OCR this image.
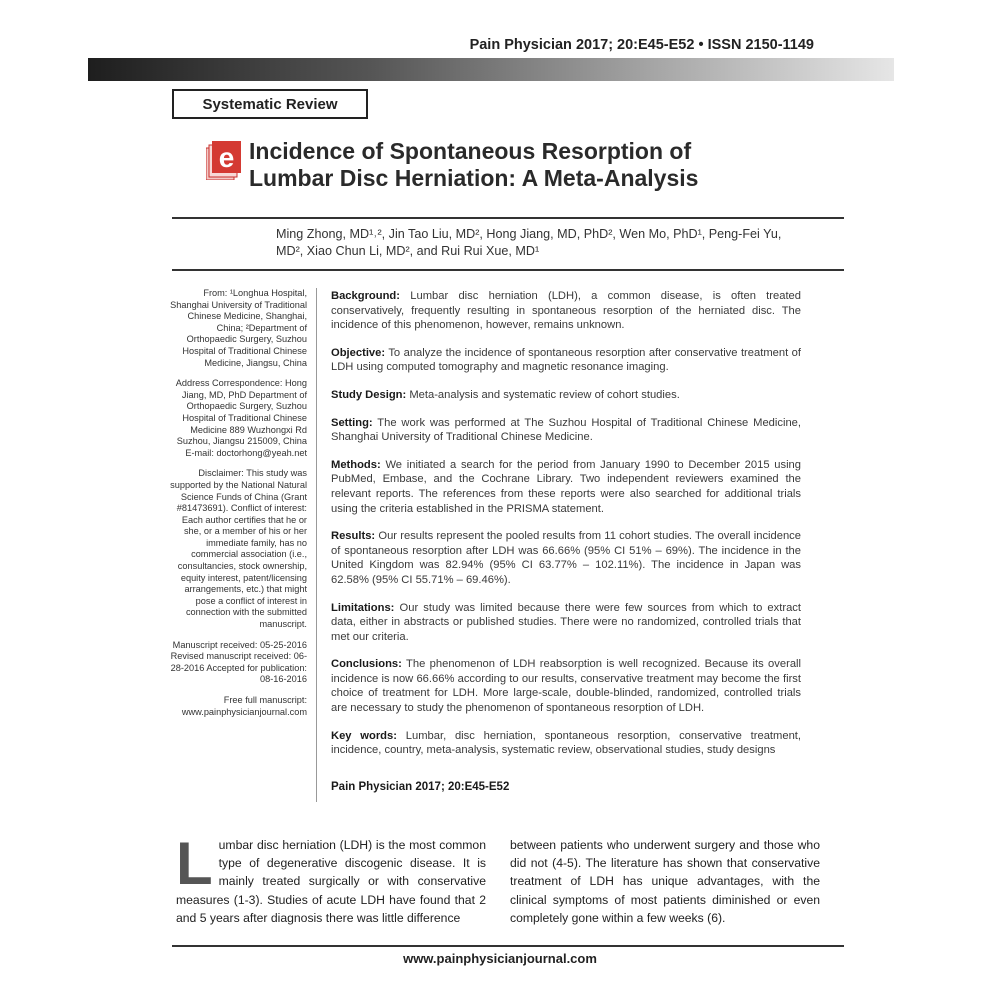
Pain Physician 2017; 20:E45-E52 • ISSN 2150-1149
Systematic Review
e Incidence of Spontaneous Resorption of
Lumbar Disc Herniation: A Meta-Analysis
Ming Zhong, MD¹˒², Jin Tao Liu, MD², Hong Jiang, MD, PhD², Wen Mo, PhD¹, Peng-Fei Yu,
MD², Xiao Chun Li, MD², and Rui Rui Xue, MD¹

From: ¹Longhua Hospital, Shanghai University of Traditional Chinese Medicine, Shanghai, China; ²Department of Orthopaedic Surgery, Suzhou Hospital of Traditional Chinese Medicine, Jiangsu, China

Address Correspondence: Hong Jiang, MD, PhD Department of Orthopaedic Surgery, Suzhou Hospital of Traditional Chinese Medicine 889 Wuzhongxi Rd Suzhou, Jiangsu 215009, China E-mail: doctorhong@yeah.net

Disclaimer: This study was supported by the National Natural Science Funds of China (Grant #81473691). Conflict of interest: Each author certifies that he or she, or a member of his or her immediate family, has no commercial association (i.e., consultancies, stock ownership, equity interest, patent/licensing arrangements, etc.) that might pose a conflict of interest in connection with the submitted manuscript.

Manuscript received: 05-25-2016 Revised manuscript received: 06-28-2016 Accepted for publication: 08-16-2016

Free full manuscript: www.painphysicianjournal.com

Background: Lumbar disc herniation (LDH), a common disease, is often treated conservatively, frequently resulting in spontaneous resorption of the herniated disc. The incidence of this phenomenon, however, remains unknown.

Objective: To analyze the incidence of spontaneous resorption after conservative treatment of LDH using computed tomography and magnetic resonance imaging.

Study Design: Meta-analysis and systematic review of cohort studies.

Setting: The work was performed at The Suzhou Hospital of Traditional Chinese Medicine, Shanghai University of Traditional Chinese Medicine.

Methods: We initiated a search for the period from January 1990 to December 2015 using PubMed, Embase, and the Cochrane Library. Two independent reviewers examined the relevant reports. The references from these reports were also searched for additional trials using the criteria established in the PRISMA statement.

Results: Our results represent the pooled results from 11 cohort studies. The overall incidence of spontaneous resorption after LDH was 66.66% (95% CI 51% – 69%). The incidence in the United Kingdom was 82.94% (95% CI 63.77% – 102.11%). The incidence in Japan was 62.58% (95% CI 55.71% – 69.46%).

Limitations: Our study was limited because there were few sources from which to extract data, either in abstracts or published studies. There were no randomized, controlled trials that met our criteria.

Conclusions: The phenomenon of LDH reabsorption is well recognized. Because its overall incidence is now 66.66% according to our results, conservative treatment may become the first choice of treatment for LDH. More large-scale, double-blinded, randomized, controlled trials are necessary to study the phenomenon of spontaneous resorption of LDH.

Key words: Lumbar, disc herniation, spontaneous resorption, conservative treatment, incidence, country, meta-analysis, systematic review, observational studies, study designs

Pain Physician 2017; 20:E45-E52
Lumbar disc herniation (LDH) is the most common type of degenerative discogenic disease. It is mainly treated surgically or with conservative measures (1-3). Studies of acute LDH have found that 2 and 5 years after diagnosis there was little difference
between patients who underwent surgery and those who did not (4-5). The literature has shown that conservative treatment of LDH has unique advantages, with the clinical symptoms of most patients diminished or even completely gone within a few weeks (6).
www.painphysicianjournal.com
